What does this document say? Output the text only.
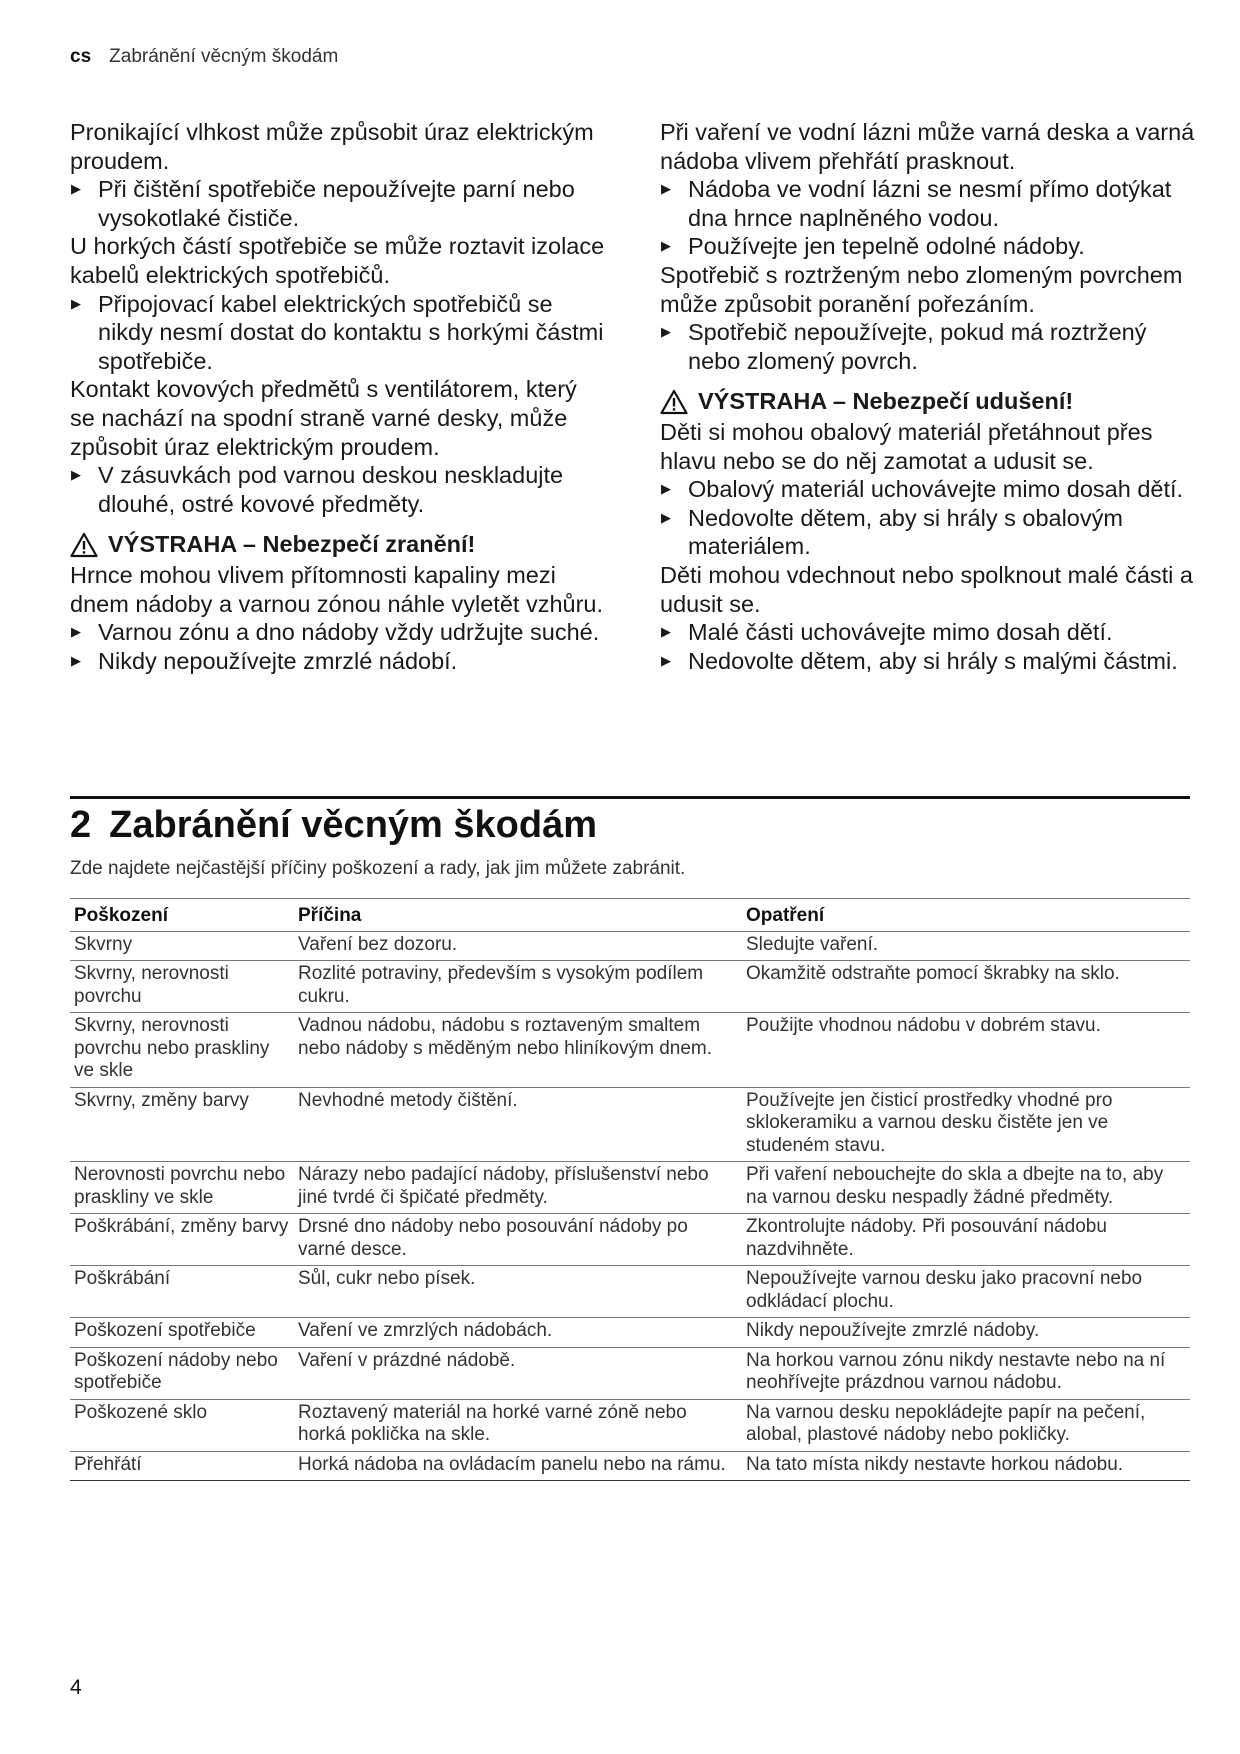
cs Zabránění věcným škodám

Pronikající vlhkost může způsobit úraz elektrickým proudem.

▶ Při čištění spotřebiče nepoužívejte parní nebo vysokotlaké čističe.

U horkých částí spotřebiče se může roztavit izolace kabelů elektrických spotřebičů.

▶ Připojovací kabel elektrických spotřebičů se nikdy nesmí dostat do kontaktu s horkými částmi spotřebiče.

Kontakt kovových předmětů s ventilátorem, který se nachází na spodní straně varné desky, může způsobit úraz elektrickým proudem.

▶ V zásuvkách pod varnou deskou neskladujte dlouhé, ostré kovové předměty.
VÝSTRAHA – Nebezpečí zranění!

Hrnce mohou vlivem přítomnosti kapaliny mezi dnem nádoby a varnou zónou náhle vyletět vzhůru.

▶ Varnou zónu a dno nádoby vždy udržujte suché.
▶ Nikdy nepoužívejte zmrzlé nádobí.

Při vaření ve vodní lázni může varná deska a varná nádoba vlivem přehřátí prasknout.

▶ Nádoba ve vodní lázni se nesmí přímo dotýkat dna hrnce naplněného vodou.
▶ Používejte jen tepelně odolné nádoby.

Spotřebič s roztrženým nebo zlomeným povrchem může způsobit poranění pořezáním.

▶ Spotřebič nepoužívejte, pokud má roztržený nebo zlomený povrch.
VÝSTRAHA – Nebezpečí udušení!

Děti si mohou obalový materiál přetáhnout přes hlavu nebo se do něj zamotat a udusit se.

▶ Obalový materiál uchovávejte mimo dosah dětí.
▶ Nedovolte dětem, aby si hrály s obalovým materiálem.

Děti mohou vdechnout nebo spolknout malé části a udusit se.

▶ Malé části uchovávejte mimo dosah dětí.
▶ Nedovolte dětem, aby si hrály s malými částmi.
2 Zabránění věcným škodám
Zde najdete nejčastější příčiny poškození a rady, jak jim můžete zabránit.
Poškození	Příčina	Opatření
Skvrny	Vaření bez dozoru.	Sledujte vaření.
Skvrny, nerovnosti povrchu	Rozlité potraviny, především s vysokým podílem cukru.	Okamžitě odstraňte pomocí škrabky na sklo.
Skvrny, nerovnosti povrchu nebo praskliny ve skle	Vadnou nádobu, nádobu s roztaveným smaltem nebo nádoby s měděným nebo hliníkovým dnem.	Použijte vhodnou nádobu v dobrém stavu.
Skvrny, změny barvy	Nevhodné metody čištění.	Používejte jen čisticí prostředky vhodné pro sklokeramiku a varnou desku čistěte jen ve studeném stavu.
Nerovnosti povrchu nebo praskliny ve skle	Nárazy nebo padající nádoby, příslušenství nebo jiné tvrdé či špičaté předměty.	Při vaření nebouchejte do skla a dbejte na to, aby na varnou desku nespadly žádné předměty.
Poškrábání, změny barvy	Drsné dno nádoby nebo posouvání nádoby po varné desce.	Zkontrolujte nádoby. Při posouvání nádobu nazdvihněte.
Poškrábání	Sůl, cukr nebo písek.	Nepoužívejte varnou desku jako pracovní nebo odkládací plochu.
Poškození spotřebiče	Vaření ve zmrzlých nádobách.	Nikdy nepoužívejte zmrzlé nádoby.
Poškození nádoby nebo spotřebiče	Vaření v prázdné nádobě.	Na horkou varnou zónu nikdy nestavte nebo na ní neohřívejte prázdnou varnou nádobu.
Poškozené sklo	Roztavený materiál na horké varné zóně nebo horká poklička na skle.	Na varnou desku nepokládejte papír na pečení, alobal, plastové nádoby nebo pokličky.
Přehřátí	Horká nádoba na ovládacím panelu nebo na rámu.	Na tato místa nikdy nestavte horkou nádobu.
4
